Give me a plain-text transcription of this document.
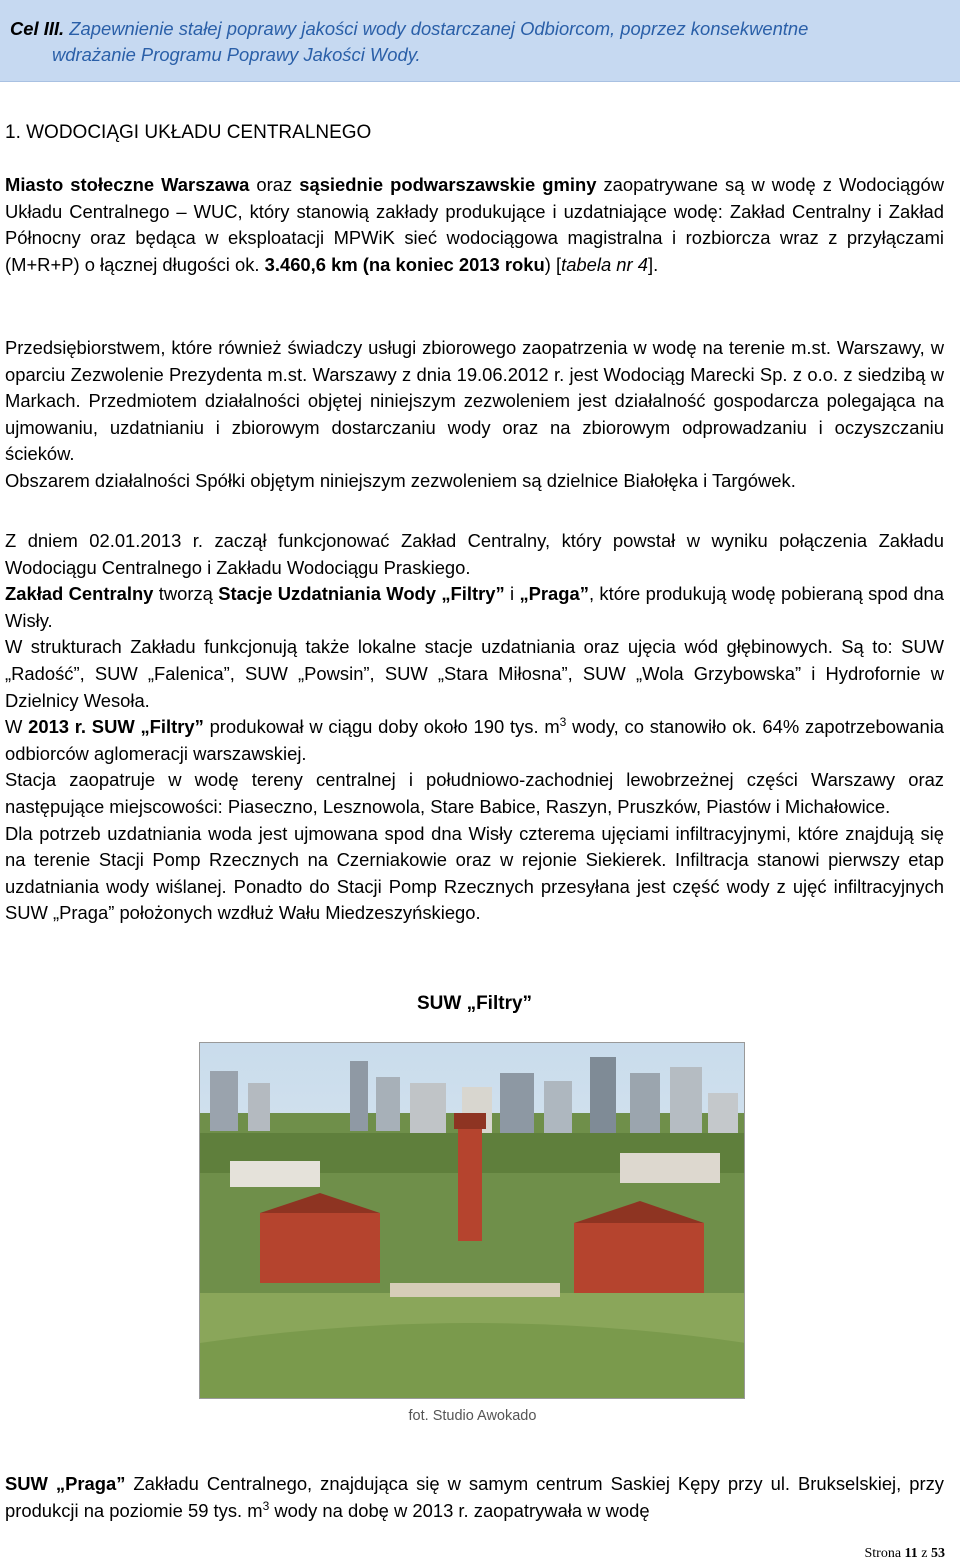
Cel III. Zapewnienie stałej poprawy jakości wody dostarczanej Odbiorcom, poprzez konsekwentne
wdrażanie Programu Poprawy Jakości Wody.
1. WODOCIĄGI UKŁADU CENTRALNEGO

Miasto stołeczne Warszawa oraz sąsiednie podwarszawskie gminy zaopatrywane są w wodę z Wodociągów Układu Centralnego – WUC, który stanowią zakłady produkujące i uzdatniające wodę: Zakład Centralny i Zakład Północny oraz będąca w eksploatacji MPWiK sieć wodociągowa magistralna i rozbiorcza wraz z przyłączami (M+R+P) o łącznej długości ok. 3.460,6 km (na koniec 2013 roku) [tabela nr 4].

Przedsiębiorstwem, które również świadczy usługi zbiorowego zaopatrzenia w wodę na terenie m.st. Warszawy, w oparciu Zezwolenie Prezydenta m.st. Warszawy z dnia 19.06.2012 r. jest Wodociąg Marecki Sp. z o.o. z siedzibą w Markach. Przedmiotem działalności objętej niniejszym zezwoleniem jest działalność gospodarcza polegająca na ujmowaniu, uzdatnianiu i zbiorowym dostarczaniu wody oraz na zbiorowym odprowadzaniu i oczyszczaniu ścieków.

Obszarem działalności Spółki objętym niniejszym zezwoleniem są dzielnice Białołęka i Targówek.

Z dniem 02.01.2013 r. zaczął funkcjonować Zakład Centralny, który powstał w wyniku połączenia Zakładu Wodociągu Centralnego i Zakładu Wodociągu Praskiego.

Zakład Centralny tworzą Stacje Uzdatniania Wody „Filtry” i „Praga”, które produkują wodę pobieraną spod dna Wisły.

W strukturach Zakładu funkcjonują także lokalne stacje uzdatniania oraz ujęcia wód głębinowych. Są to: SUW „Radość”, SUW „Falenica”, SUW „Powsin”, SUW „Stara Miłosna”, SUW „Wola Grzybowska” i Hydrofornie w Dzielnicy Wesoła.

W 2013 r. SUW „Filtry” produkował w ciągu doby około 190 tys. $m^3$ wody, co stanowiło ok. 64% zapotrzebowania odbiorców aglomeracji warszawskiej.

Stacja zaopatruje w wodę tereny centralnej i południowo-zachodniej lewobrzeżnej części Warszawy oraz następujące miejscowości: Piaseczno, Lesznowola, Stare Babice, Raszyn, Pruszków, Piastów i Michałowice.

Dla potrzeb uzdatniania woda jest ujmowana spod dna Wisły czterema ujęciami infiltracyjnymi, które znajdują się na terenie Stacji Pomp Rzecznych na Czerniakowie oraz w rejonie Siekierek. Infiltracja stanowi pierwszy etap uzdatniania wody wiślanej. Ponadto do Stacji Pomp Rzecznych przesyłana jest część wody z ujęć infiltracyjnych SUW „Praga” położonych wzdłuż Wału Miedzeszyńskiego.

SUW „Filtry”
fot. Studio Awokado

SUW „Praga” Zakładu Centralnego, znajdująca się w samym centrum Saskiej Kępy przy ul. Brukselskiej, przy produkcji na poziomie 59 tys. $m^3$ wody na dobę w 2013 r. zaopatrywała w wodę

Strona 11 z 53
